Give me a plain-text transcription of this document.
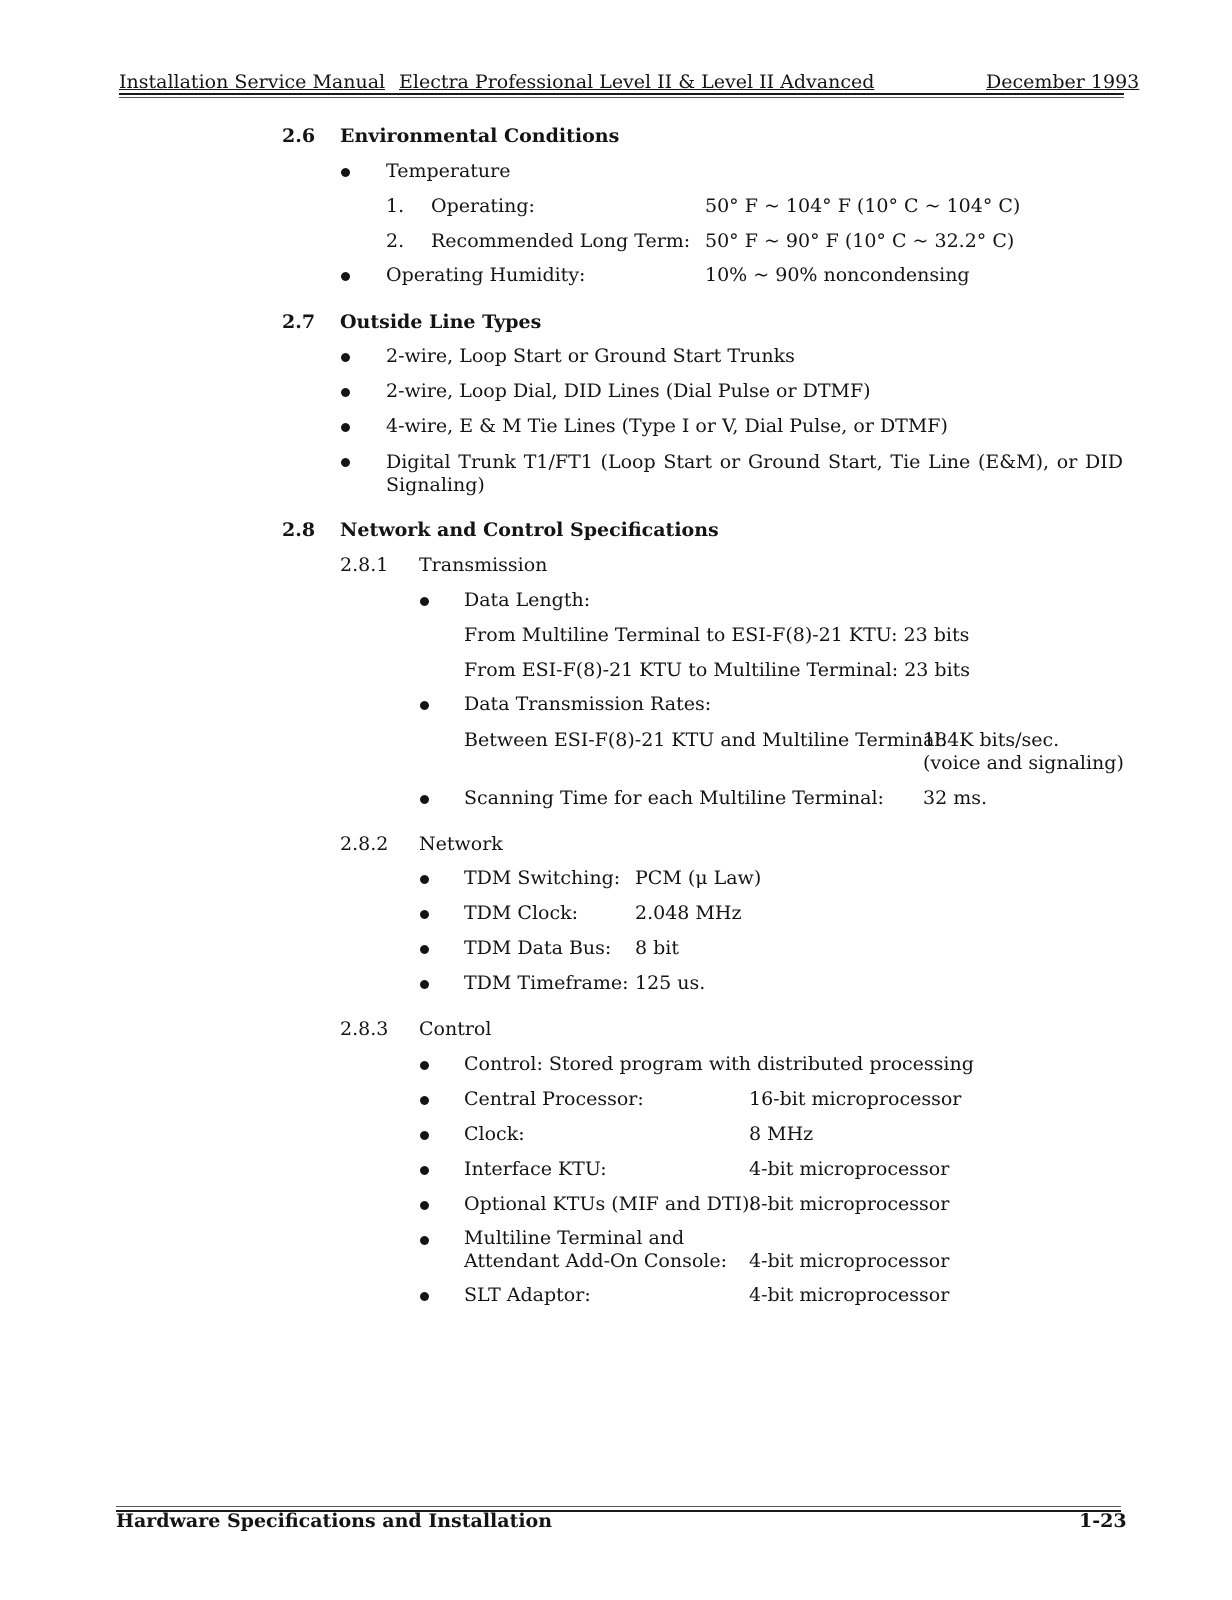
Installation Service Manual Electra Professional Level II & Level II Advanced	December 1993
2.6 Environmental Conditions
Temperature
1. Operating:	50° F ~ 104° F (10° C ~ 104° C)
2. Recommended Long Term: 50° F ~ 90° F (10° C ~ 32.2° C)
Operating Humidity:	10% ~ 90% noncondensing
2.7 Outside Line Types
2-wire, Loop Start or Ground Start Trunks
2-wire, Loop Dial, DID Lines (Dial Pulse or DTMF)
4-wire, E & M Tie Lines (Type I or V, Dial Pulse, or DTMF)
Digital Trunk T1/FT1 (Loop Start or Ground Start, Tie Line (E&M), or DID
Signaling)
2.8 Network and Control Specifications
2.8.1 Transmission
Data Length:
From Multiline Terminal to ESI-F(8)-21 KTU: 23 bits
From ESI-F(8)-21 KTU to Multiline Terminal: 23 bits
Data Transmission Rates:
Between ESI-F(8)-21 KTU and Multiline Terminal:
184K bits/sec.
(voice and signaling)
Scanning Time for each Multiline Terminal: 32 ms.
2.8.2 Network
TDM Switching: PCM (μ Law)
TDM Clock:	2.048 MHz
TDM Data Bus: 8 bit
TDM Timeframe: 125 us.
2.8.3 Control
Control: Stored program with distributed processing
Central Processor:	16-bit microprocessor
Clock:	8 MHz
Interface KTU:	4-bit microprocessor
Optional KTUs (MIF and DTI):
8-bit microprocessor
Multiline Terminal and
Attendant Add-On Console: 4-bit microprocessor
SLT Adaptor:	4-bit microprocessor
Hardware Specifications and Installation	1-23
